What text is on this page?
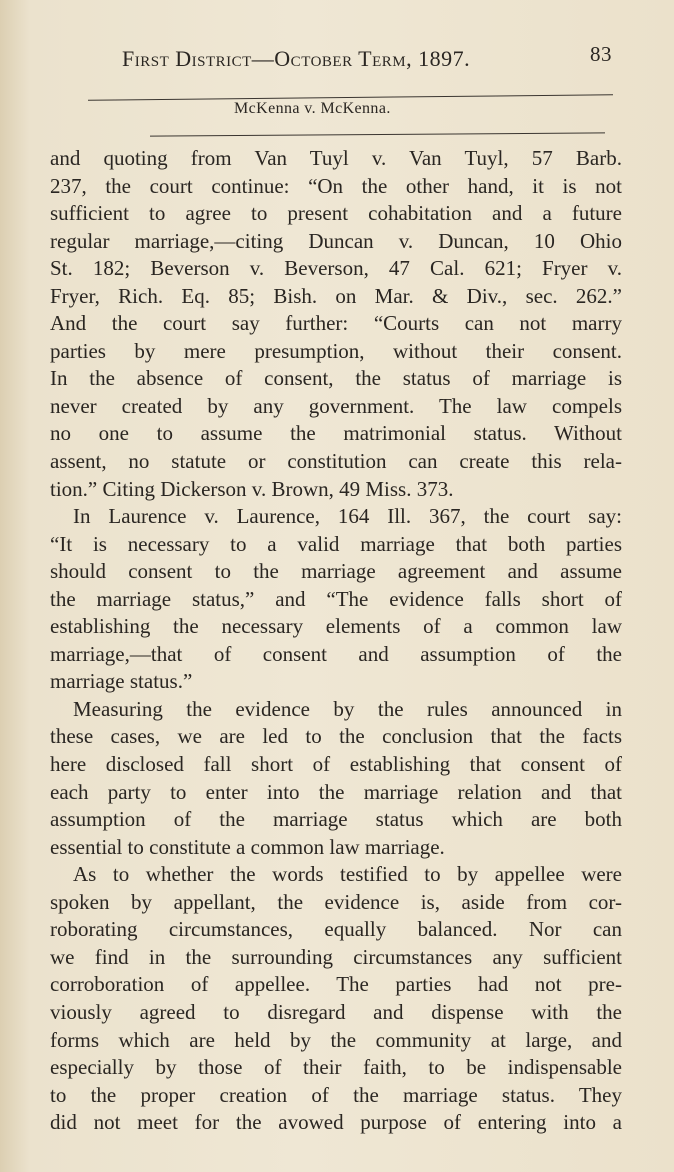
First District—October Term, 1897.	83
McKenna v. McKenna.
and quoting from Van Tuyl v. Van Tuyl, 57 Barb.
237, the court continue: “On the other hand, it is not
sufficient to agree to present cohabitation and a future
regular marriage,—citing Duncan v. Duncan, 10 Ohio
St. 182; Beverson v. Beverson, 47 Cal. 621; Fryer v.
Fryer, Rich. Eq. 85; Bish. on Mar. & Div., sec. 262.”
And the court say further: “Courts can not marry
parties by mere presumption, without their consent.
In the absence of consent, the status of marriage is
never created by any government. The law compels
no one to assume the matrimonial status. Without
assent, no statute or constitution can create this rela-
tion.” Citing Dickerson v. Brown, 49 Miss. 373.
In Laurence v. Laurence, 164 Ill. 367, the court say:
“It is necessary to a valid marriage that both parties
should consent to the marriage agreement and assume
the marriage status,” and “The evidence falls short of
establishing the necessary elements of a common law
marriage,—that of consent and assumption of the
marriage status.”
Measuring the evidence by the rules announced in
these cases, we are led to the conclusion that the facts
here disclosed fall short of establishing that consent of
each party to enter into the marriage relation and that
assumption of the marriage status which are both
essential to constitute a common law marriage.
As to whether the words testified to by appellee were
spoken by appellant, the evidence is, aside from cor-
roborating circumstances, equally balanced. Nor can
we find in the surrounding circumstances any sufficient
corroboration of appellee. The parties had not pre-
viously agreed to disregard and dispense with the
forms which are held by the community at large, and
especially by those of their faith, to be indispensable
to the proper creation of the marriage status. They
did not meet for the avowed purpose of entering into a
